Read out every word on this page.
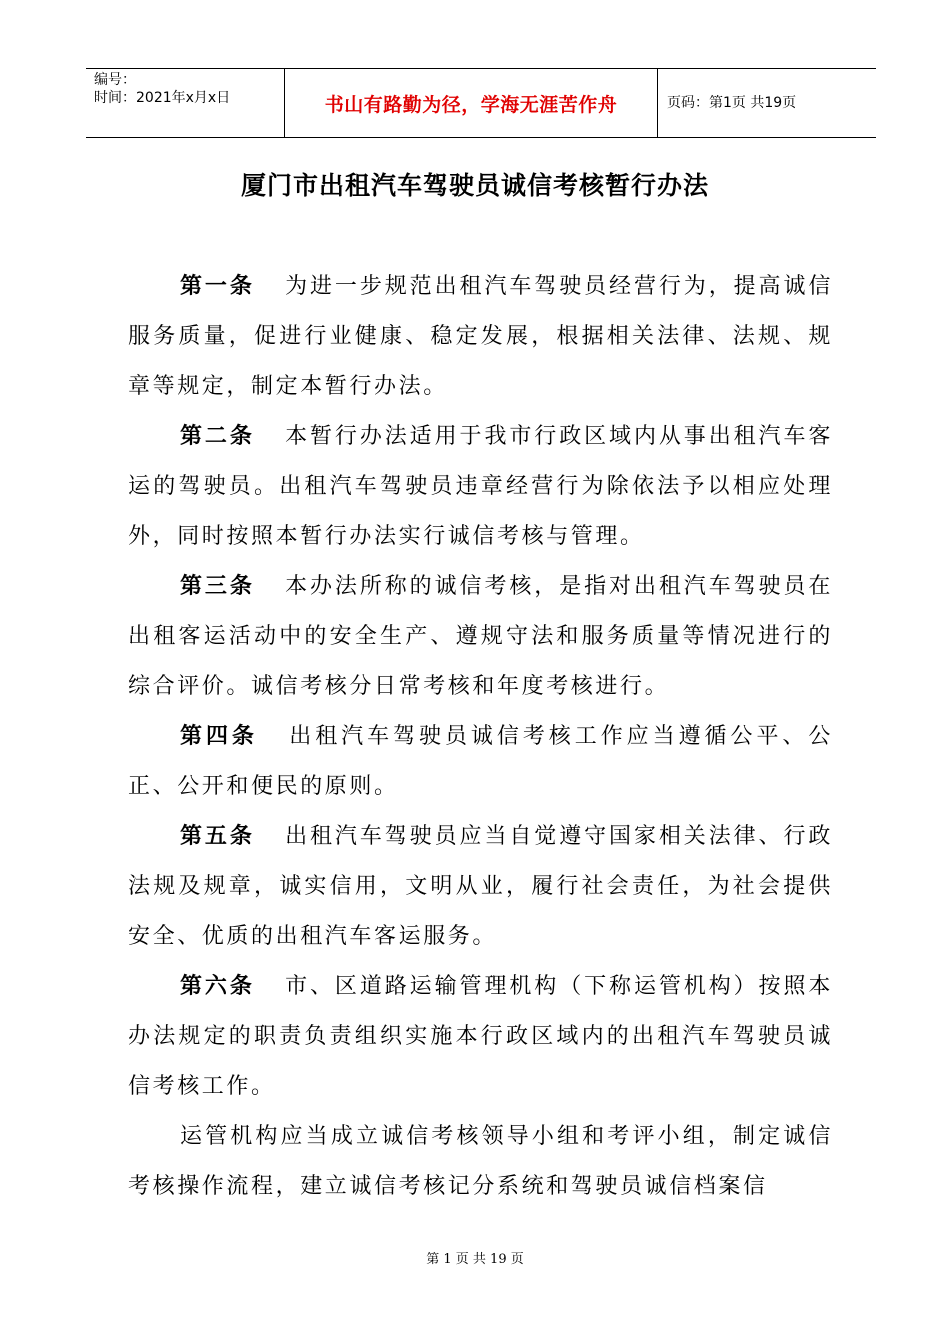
编号：
时间：2021年x月x日	书山有路勤为径，学海无涯苦作舟	页码：第1页 共19页
厦门市出租汽车驾驶员诚信考核暂行办法

第一条 为进一步规范出租汽车驾驶员经营行为，提高诚信服务质量，促进行业健康、稳定发展，根据相关法律、法规、规章等规定，制定本暂行办法。

第二条 本暂行办法适用于我市行政区域内从事出租汽车客运的驾驶员。出租汽车驾驶员违章经营行为除依法予以相应处理外，同时按照本暂行办法实行诚信考核与管理。

第三条 本办法所称的诚信考核，是指对出租汽车驾驶员在出租客运活动中的安全生产、遵规守法和服务质量等情况进行的综合评价。诚信考核分日常考核和年度考核进行。

第四条 出租汽车驾驶员诚信考核工作应当遵循公平、公正、公开和便民的原则。

第五条 出租汽车驾驶员应当自觉遵守国家相关法律、行政法规及规章，诚实信用，文明从业，履行社会责任，为社会提供安全、优质的出租汽车客运服务。

第六条 市、区道路运输管理机构（下称运管机构）按照本办法规定的职责负责组织实施本行政区域内的出租汽车驾驶员诚信考核工作。

运管机构应当成立诚信考核领导小组和考评小组，制定诚信考核操作流程，建立诚信考核记分系统和驾驶员诚信档案信

第 1 页 共 19 页
